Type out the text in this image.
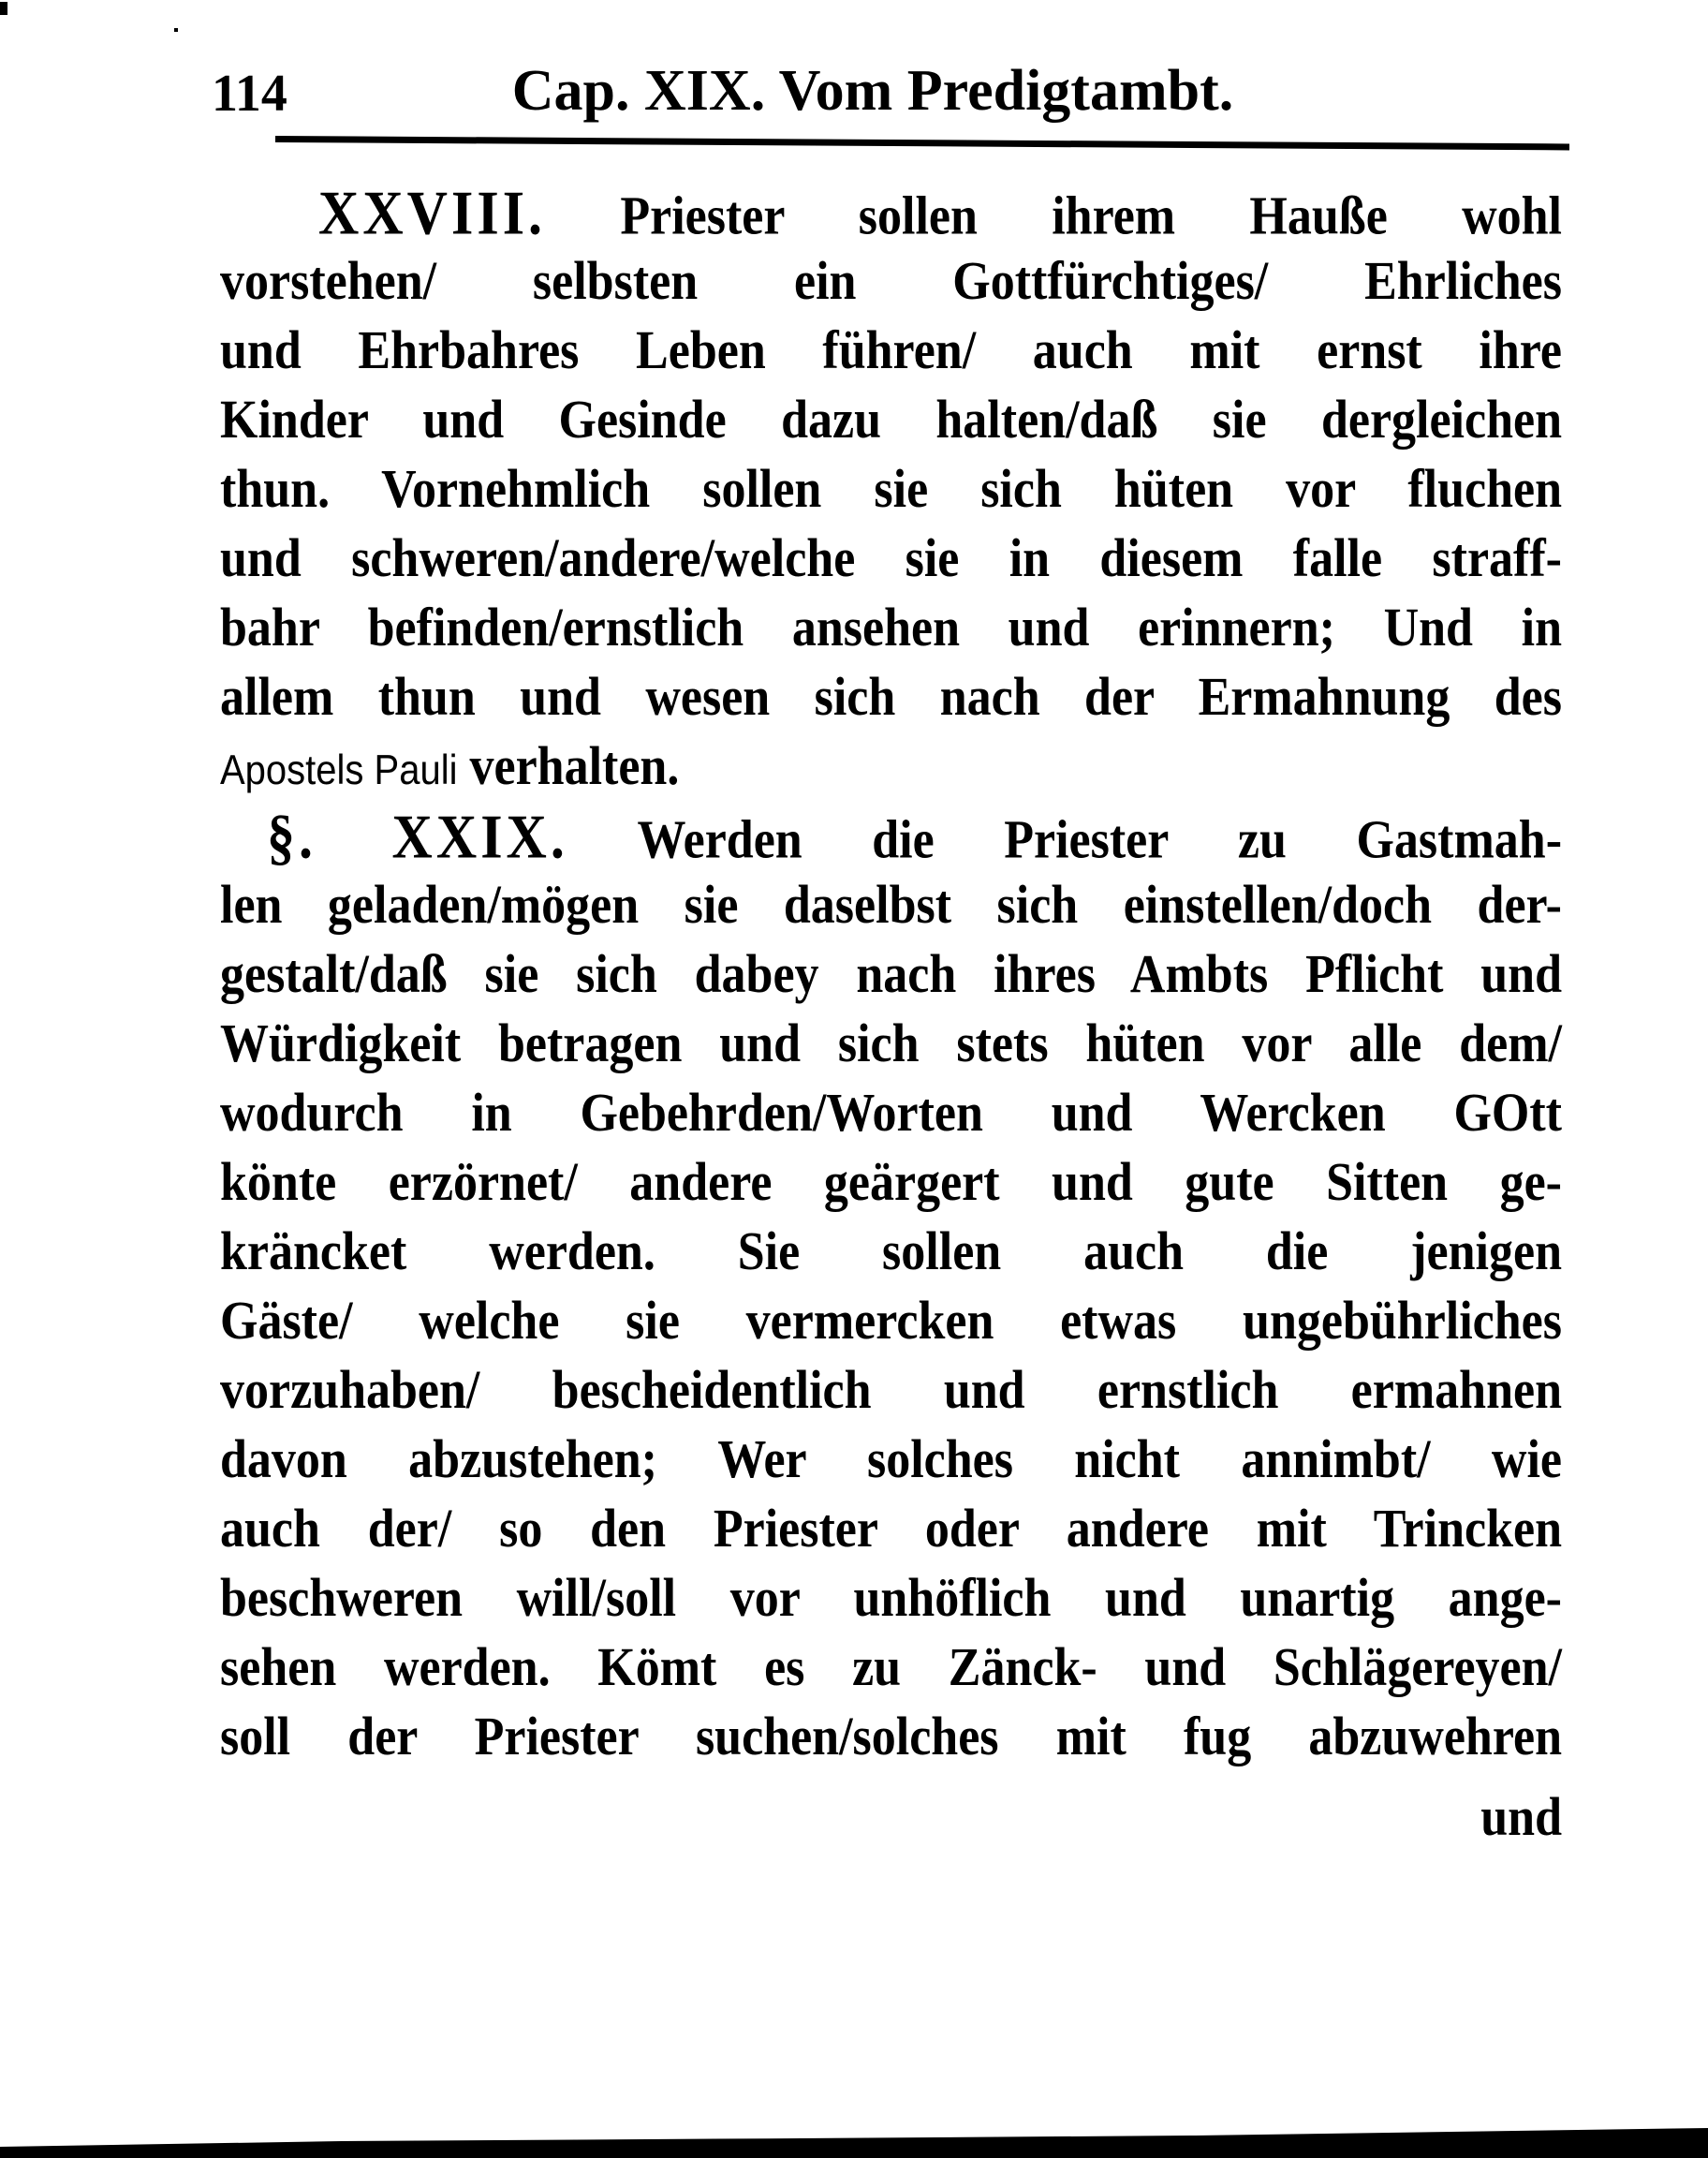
114	Cap. XIX. Vom Predigtambt.
XXVIII. Priester sollen ihrem Hauße wohl
vorstehen/ selbsten ein Gottfürchtiges/ Ehrliches
und Ehrbahres Leben führen/ auch mit ernst ihre
Kinder und Gesinde dazu halten/daß sie dergleichen
thun. Vornehmlich sollen sie sich hüten vor fluchen
und schweren/andere/welche sie in diesem falle straff-
bahr befinden/ernstlich ansehen und erinnern; Und in
allem thun und wesen sich nach der Ermahnung des
Apostels Pauli verhalten.
§. XXIX. Werden die Priester zu Gastmah-
len geladen/mögen sie daselbst sich einstellen/doch der-
gestalt/daß sie sich dabey nach ihres Ambts Pflicht und
Würdigkeit betragen und sich stets hüten vor alle dem/
wodurch in Gebehrden/Worten und Wercken GOtt
könte erzörnet/ andere geärgert und gute Sitten ge-
kräncket werden. Sie sollen auch die jenigen
Gäste/ welche sie vermercken etwas ungebührliches
vorzuhaben/ bescheidentlich und ernstlich ermahnen
davon abzustehen; Wer solches nicht annimbt/ wie
auch der/ so den Priester oder andere mit Trincken
beschweren will/soll vor unhöflich und unartig ange-
sehen werden. Kömt es zu Zänck- und Schlägereyen/
soll der Priester suchen/solches mit fug abzuwehren
und
